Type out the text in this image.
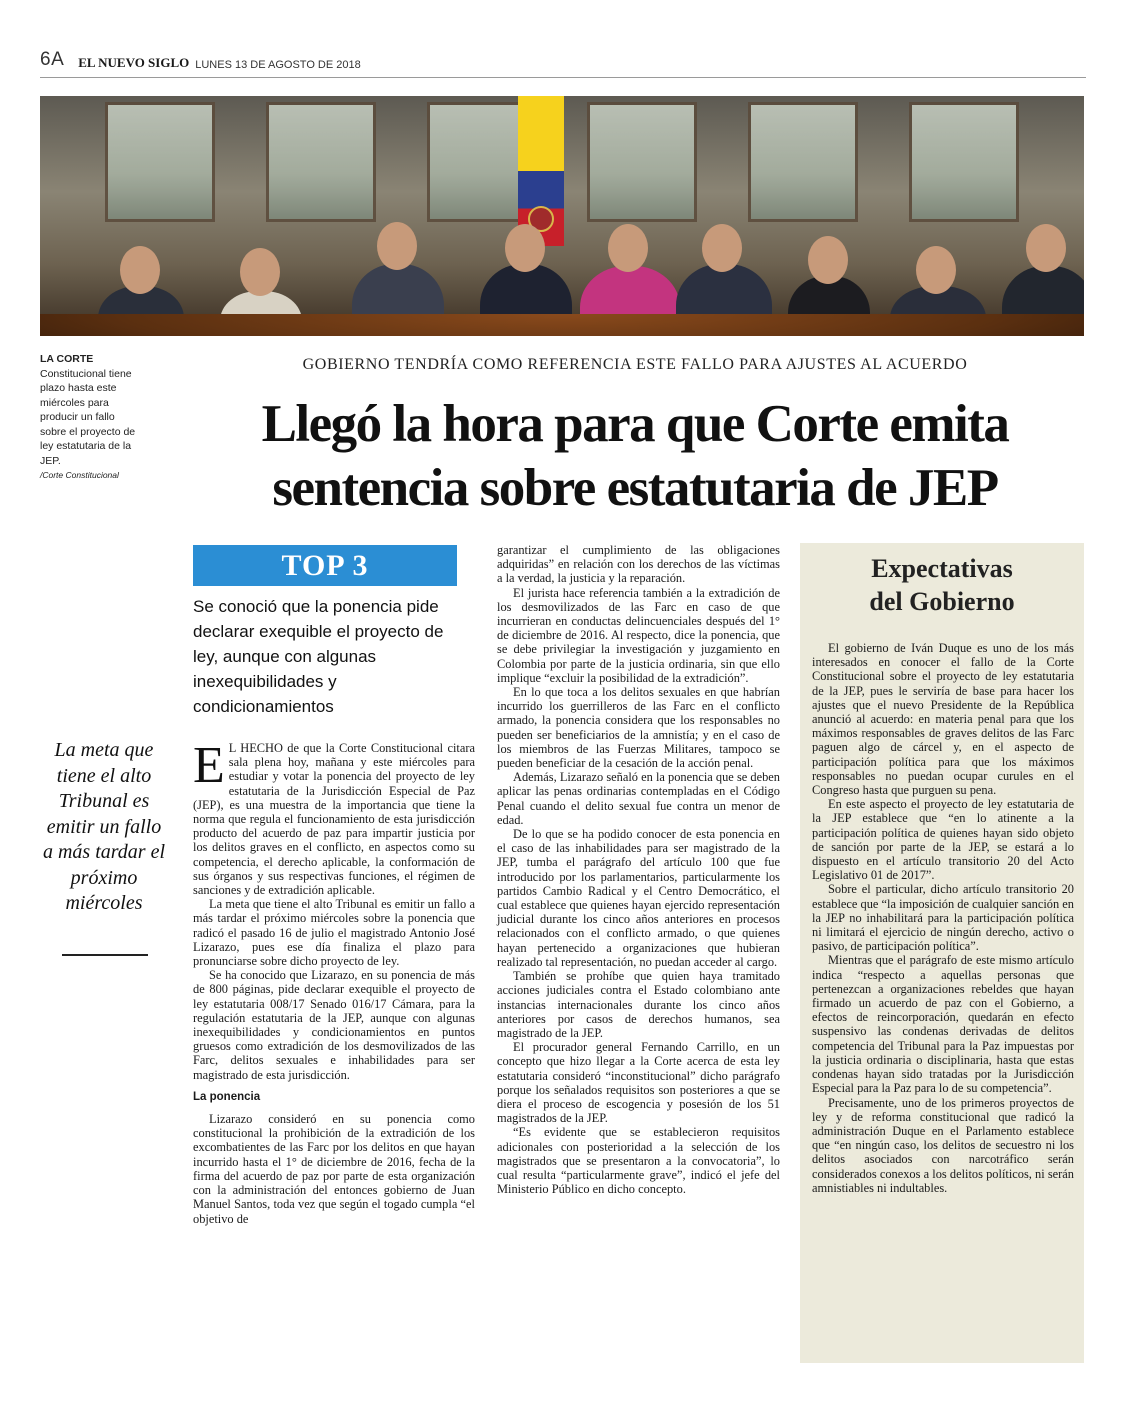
6A EL NUEVO SIGLO LUNES 13 DE AGOSTO DE 2018
LA CORTE
Constitucional tiene plazo hasta este miércoles para producir un fallo sobre el proyecto de ley estatutaria de la JEP.
/Corte Constitucional
GOBIERNO TENDRÍA COMO REFERENCIA ESTE FALLO PARA AJUSTES AL ACUERDO
Llegó la hora para que Corte emita
sentencia sobre estatutaria de JEP
TOP 3
Se conoció que la ponencia pide declarar exequible el proyecto de ley, aunque con algunas inexequibilidades y condicionamientos
La meta que tiene el alto Tribunal es emitir un fallo a más tardar el próximo miércoles

E L HECHO de que la Corte Constitucional citara sala plena hoy, mañana y este miércoles para estudiar y votar la ponencia del proyecto de ley estatutaria de la Jurisdicción Especial de Paz (JEP), es una muestra de la importancia que tiene la norma que regula el funcionamiento de esta jurisdicción producto del acuerdo de paz para impartir justicia por los delitos graves en el conflicto, en aspectos como su competencia, el derecho aplicable, la conformación de sus órganos y sus respectivas funciones, el régimen de sanciones y de extradición aplicable.

La meta que tiene el alto Tribunal es emitir un fallo a más tardar el próximo miércoles sobre la ponencia que radicó el pasado 16 de julio el magistrado Antonio José Lizarazo, pues ese día finaliza el plazo para pronunciarse sobre dicho proyecto de ley.

Se ha conocido que Lizarazo, en su ponencia de más de 800 páginas, pide declarar exequible el proyecto de ley estatutaria 008/17 Senado 016/17 Cámara, para la regulación estatutaria de la JEP, aunque con algunas inexequibilidades y condicionamientos en puntos gruesos como extradición de los desmovilizados de las Farc, delitos sexuales e inhabilidades para ser magistrado de esta jurisdicción.

La ponencia

Lizarazo consideró en su ponencia como constitucional la prohibición de la extradición de los excombatientes de las Farc por los delitos en que hayan incurrido hasta el 1° de diciembre de 2016, fecha de la firma del acuerdo de paz por parte de esta organización con la administración del entonces gobierno de Juan Manuel Santos, toda vez que según el togado cumpla “el objetivo de

garantizar el cumplimiento de las obligaciones adquiridas” en relación con los derechos de las víctimas a la verdad, la justicia y la reparación.

El jurista hace referencia también a la extradición de los desmovilizados de las Farc en caso de que incurrieran en conductas delincuenciales después del 1° de diciembre de 2016. Al respecto, dice la ponencia, que se debe privilegiar la investigación y juzgamiento en Colombia por parte de la justicia ordinaria, sin que ello implique “excluir la posibilidad de la extradición”.

En lo que toca a los delitos sexuales en que habrían incurrido los guerrilleros de las Farc en el conflicto armado, la ponencia considera que los responsables no pueden ser beneficiarios de la amnistía; y en el caso de los miembros de las Fuerzas Militares, tampoco se pueden beneficiar de la cesación de la acción penal.

Además, Lizarazo señaló en la ponencia que se deben aplicar las penas ordinarias contempladas en el Código Penal cuando el delito sexual fue contra un menor de edad.

De lo que se ha podido conocer de esta ponencia en el caso de las inhabilidades para ser magistrado de la JEP, tumba el parágrafo del artículo 100 que fue introducido por los parlamentarios, particularmente los partidos Cambio Radical y el Centro Democrático, el cual establece que quienes hayan ejercido representación judicial durante los cinco años anteriores en procesos relacionados con el conflicto armado, o que quienes hayan pertenecido a organizaciones que hubieran realizado tal representación, no puedan acceder al cargo.

También se prohíbe que quien haya tramitado acciones judiciales contra el Estado colombiano ante instancias internacionales durante los cinco años anteriores por casos de derechos humanos, sea magistrado de la JEP.

El procurador general Fernando Carrillo, en un concepto que hizo llegar a la Corte acerca de esta ley estatutaria consideró “inconstitucional” dicho parágrafo porque los señalados requisitos son posteriores a que se diera el proceso de escogencia y posesión de los 51 magistrados de la JEP.

“Es evidente que se establecieron requisitos adicionales con posterioridad a la selección de los magistrados que se presentaron a la convocatoria”, lo cual resulta “particularmente grave”, indicó el jefe del Ministerio Público en dicho concepto.

Expectativas
del Gobierno

El gobierno de Iván Duque es uno de los más interesados en conocer el fallo de la Corte Constitucional sobre el proyecto de ley estatutaria de la JEP, pues le serviría de base para hacer los ajustes que el nuevo Presidente de la República anunció al acuerdo: en materia penal para que los máximos responsables de graves delitos de las Farc paguen algo de cárcel y, en el aspecto de participación política para que los máximos responsables no puedan ocupar curules en el Congreso hasta que purguen su pena.

En este aspecto el proyecto de ley estatutaria de la JEP establece que “en lo atinente a la participación política de quienes hayan sido objeto de sanción por parte de la JEP, se estará a lo dispuesto en el artículo transitorio 20 del Acto Legislativo 01 de 2017”.

Sobre el particular, dicho artículo transitorio 20 establece que “la imposición de cualquier sanción en la JEP no inhabilitará para la participación política ni limitará el ejercicio de ningún derecho, activo o pasivo, de participación política”.

Mientras que el parágrafo de este mismo artículo indica “respecto a aquellas personas que pertenezcan a organizaciones rebeldes que hayan firmado un acuerdo de paz con el Gobierno, a efectos de reincorporación, quedarán en efecto suspensivo las condenas derivadas de delitos competencia del Tribunal para la Paz impuestas por la justicia ordinaria o disciplinaria, hasta que estas condenas hayan sido tratadas por la Jurisdicción Especial para la Paz para lo de su competencia”.

Precisamente, uno de los primeros proyectos de ley y de reforma constitucional que radicó la administración Duque en el Parlamento establece que “en ningún caso, los delitos de secuestro ni los delitos asociados con narcotráfico serán considerados conexos a los delitos políticos, ni serán amnistiables ni indultables.
